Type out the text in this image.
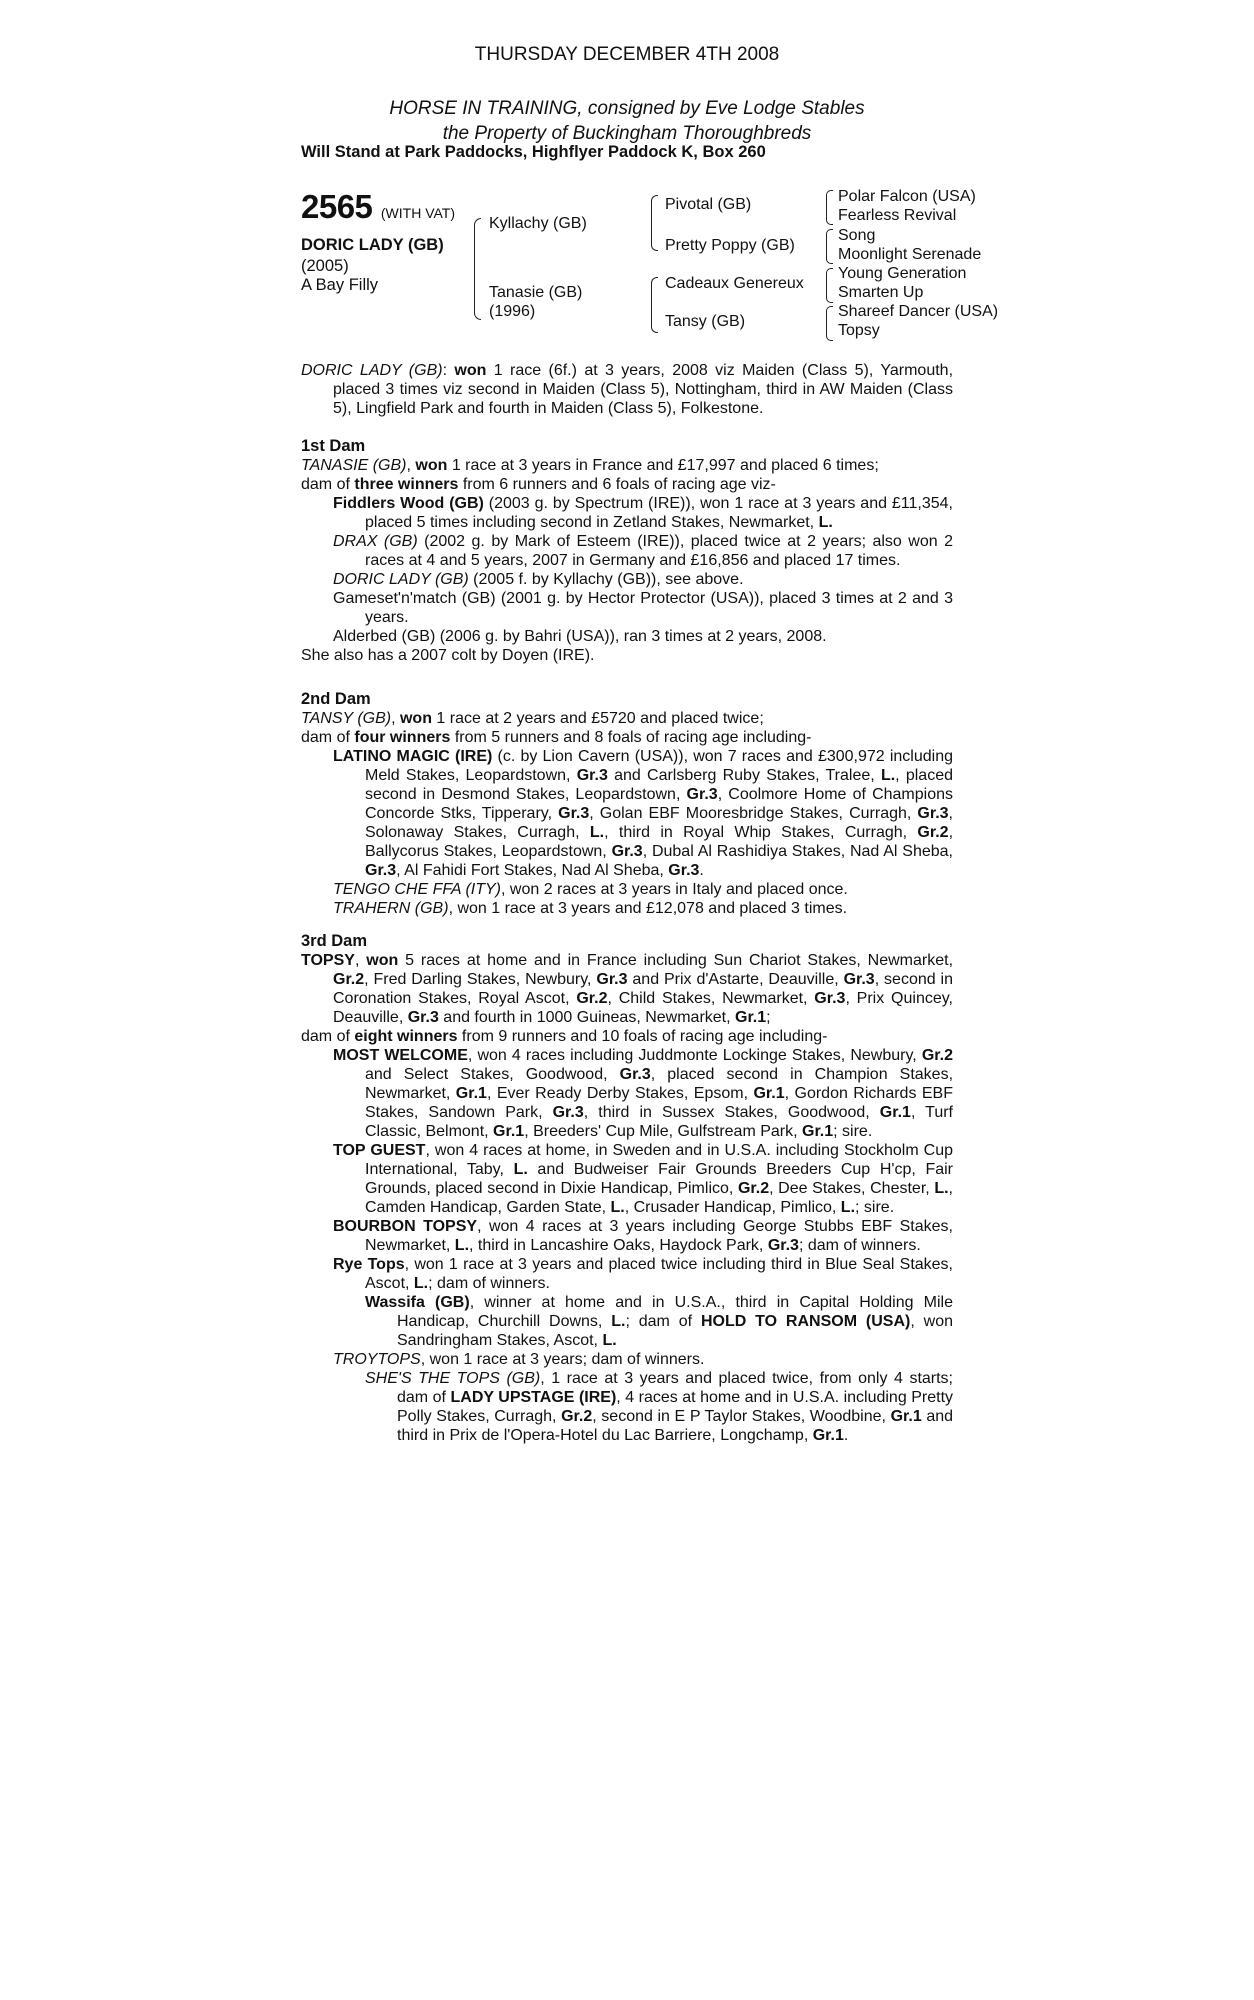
THURSDAY DECEMBER 4TH 2008
HORSE IN TRAINING, consigned by Eve Lodge Stables
the Property of Buckingham Thoroughbreds
Will Stand at Park Paddocks, Highflyer Paddock K, Box 260
2565 (WITH VAT)
DORIC LADY (GB)
(2005)
A Bay Filly
Kyllachy (GB)
Tanasie (GB)
(1996)
Pivotal (GB)
Pretty Poppy (GB)
Cadeaux Genereux
Tansy (GB)
Polar Falcon (USA)
Fearless Revival
Song
Moonlight Serenade
Young Generation
Smarten Up
Shareef Dancer (USA)
Topsy

DORIC LADY (GB): won 1 race (6f.) at 3 years, 2008 viz Maiden (Class 5), Yarmouth, placed 3 times viz second in Maiden (Class 5), Nottingham, third in AW Maiden (Class 5), Lingfield Park and fourth in Maiden (Class 5), Folkestone.

1st Dam

TANASIE (GB), won 1 race at 3 years in France and £17,997 and placed 6 times;

dam of three winners from 6 runners and 6 foals of racing age viz-

Fiddlers Wood (GB) (2003 g. by Spectrum (IRE)), won 1 race at 3 years and £11,354, placed 5 times including second in Zetland Stakes, Newmarket, L.

DRAX (GB) (2002 g. by Mark of Esteem (IRE)), placed twice at 2 years; also won 2 races at 4 and 5 years, 2007 in Germany and £16,856 and placed 17 times.

DORIC LADY (GB) (2005 f. by Kyllachy (GB)), see above.

Gameset'n'match (GB) (2001 g. by Hector Protector (USA)), placed 3 times at 2 and 3 years.

Alderbed (GB) (2006 g. by Bahri (USA)), ran 3 times at 2 years, 2008.

She also has a 2007 colt by Doyen (IRE).

2nd Dam

TANSY (GB), won 1 race at 2 years and £5720 and placed twice;

dam of four winners from 5 runners and 8 foals of racing age including-

LATINO MAGIC (IRE) (c. by Lion Cavern (USA)), won 7 races and £300,972 including Meld Stakes, Leopardstown, Gr.3 and Carlsberg Ruby Stakes, Tralee, L., placed second in Desmond Stakes, Leopardstown, Gr.3, Coolmore Home of Champions Concorde Stks, Tipperary, Gr.3, Golan EBF Mooresbridge Stakes, Curragh, Gr.3, Solonaway Stakes, Curragh, L., third in Royal Whip Stakes, Curragh, Gr.2, Ballycorus Stakes, Leopardstown, Gr.3, Dubal Al Rashidiya Stakes, Nad Al Sheba, Gr.3, Al Fahidi Fort Stakes, Nad Al Sheba, Gr.3.

TENGO CHE FFA (ITY), won 2 races at 3 years in Italy and placed once.

TRAHERN (GB), won 1 race at 3 years and £12,078 and placed 3 times.

3rd Dam

TOPSY, won 5 races at home and in France including Sun Chariot Stakes, Newmarket, Gr.2, Fred Darling Stakes, Newbury, Gr.3 and Prix d'Astarte, Deauville, Gr.3, second in Coronation Stakes, Royal Ascot, Gr.2, Child Stakes, Newmarket, Gr.3, Prix Quincey, Deauville, Gr.3 and fourth in 1000 Guineas, Newmarket, Gr.1;

dam of eight winners from 9 runners and 10 foals of racing age including-

MOST WELCOME, won 4 races including Juddmonte Lockinge Stakes, Newbury, Gr.2 and Select Stakes, Goodwood, Gr.3, placed second in Champion Stakes, Newmarket, Gr.1, Ever Ready Derby Stakes, Epsom, Gr.1, Gordon Richards EBF Stakes, Sandown Park, Gr.3, third in Sussex Stakes, Goodwood, Gr.1, Turf Classic, Belmont, Gr.1, Breeders' Cup Mile, Gulfstream Park, Gr.1; sire.

TOP GUEST, won 4 races at home, in Sweden and in U.S.A. including Stockholm Cup International, Taby, L. and Budweiser Fair Grounds Breeders Cup H'cp, Fair Grounds, placed second in Dixie Handicap, Pimlico, Gr.2, Dee Stakes, Chester, L., Camden Handicap, Garden State, L., Crusader Handicap, Pimlico, L.; sire.

BOURBON TOPSY, won 4 races at 3 years including George Stubbs EBF Stakes, Newmarket, L., third in Lancashire Oaks, Haydock Park, Gr.3; dam of winners.

Rye Tops, won 1 race at 3 years and placed twice including third in Blue Seal Stakes, Ascot, L.; dam of winners.

Wassifa (GB), winner at home and in U.S.A., third in Capital Holding Mile Handicap, Churchill Downs, L.; dam of HOLD TO RANSOM (USA), won Sandringham Stakes, Ascot, L.

TROYTOPS, won 1 race at 3 years; dam of winners.

SHE'S THE TOPS (GB), 1 race at 3 years and placed twice, from only 4 starts; dam of LADY UPSTAGE (IRE), 4 races at home and in U.S.A. including Pretty Polly Stakes, Curragh, Gr.2, second in E P Taylor Stakes, Woodbine, Gr.1 and third in Prix de l'Opera-Hotel du Lac Barriere, Longchamp, Gr.1.
